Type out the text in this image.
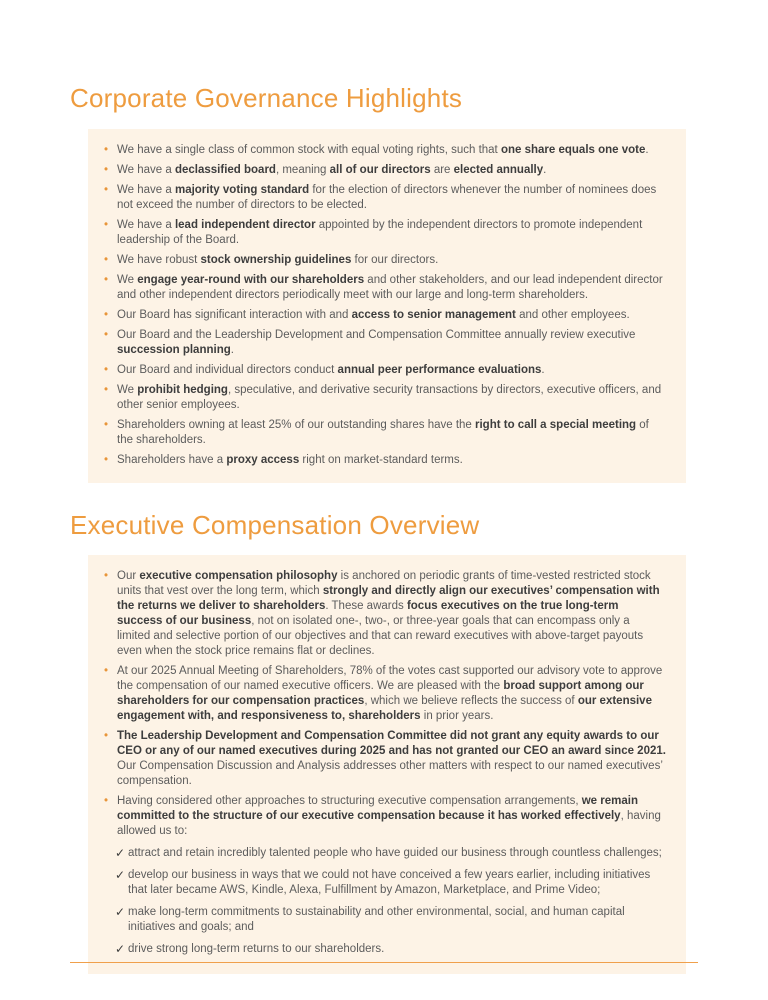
Corporate Governance Highlights
• We have a single class of common stock with equal voting rights, such that one share equals one vote.
• We have a declassified board, meaning all of our directors are elected annually.
• We have a majority voting standard for the election of directors whenever the number of nominees does not exceed the number of directors to be elected.
• We have a lead independent director appointed by the independent directors to promote independent leadership of the Board.
• We have robust stock ownership guidelines for our directors.
• We engage year-round with our shareholders and other stakeholders, and our lead independent director and other independent directors periodically meet with our large and long-term shareholders.
• Our Board has significant interaction with and access to senior management and other employees.
• Our Board and the Leadership Development and Compensation Committee annually review executive succession planning.
• Our Board and individual directors conduct annual peer performance evaluations.
• We prohibit hedging, speculative, and derivative security transactions by directors, executive officers, and other senior employees.
• Shareholders owning at least 25% of our outstanding shares have the right to call a special meeting of the shareholders.
• Shareholders have a proxy access right on market-standard terms.
Executive Compensation Overview
• Our executive compensation philosophy is anchored on periodic grants of time-vested restricted stock units that vest over the long term, which strongly and directly align our executives’ compensation with the returns we deliver to shareholders. These awards focus executives on the true long-term success of our business, not on isolated one-, two-, or three-year goals that can encompass only a limited and selective portion of our objectives and that can reward executives with above-target payouts even when the stock price remains flat or declines.
• At our 2025 Annual Meeting of Shareholders, 78% of the votes cast supported our advisory vote to approve the compensation of our named executive officers. We are pleased with the broad support among our shareholders for our compensation practices, which we believe reflects the success of our extensive engagement with, and responsiveness to, shareholders in prior years.
• The Leadership Development and Compensation Committee did not grant any equity awards to our CEO or any of our named executives during 2025 and has not granted our CEO an award since 2021. Our Compensation Discussion and Analysis addresses other matters with respect to our named executives’ compensation.
• Having considered other approaches to structuring executive compensation arrangements, we remain committed to the structure of our executive compensation because it has worked effectively, having allowed us to:
✓ attract and retain incredibly talented people who have guided our business through countless challenges;
✓ develop our business in ways that we could not have conceived a few years earlier, including initiatives that later became AWS, Kindle, Alexa, Fulfillment by Amazon, Marketplace, and Prime Video;
✓ make long-term commitments to sustainability and other environmental, social, and human capital initiatives and goals; and
✓ drive strong long-term returns to our shareholders.
